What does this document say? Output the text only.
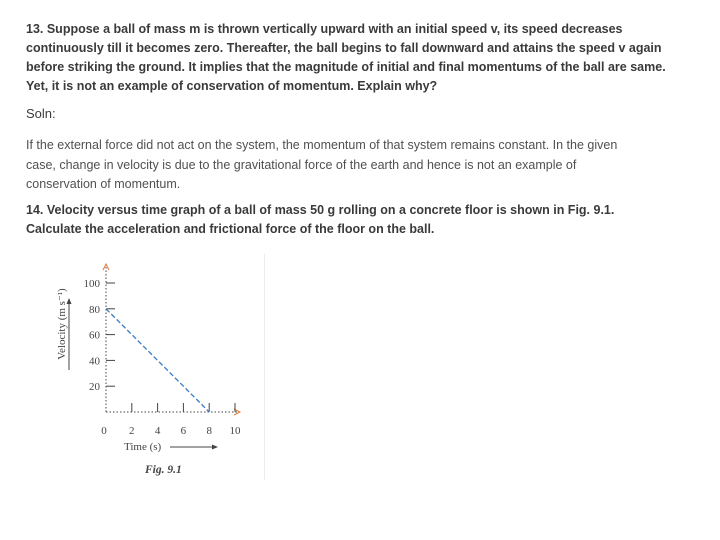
13. Suppose a ball of mass m is thrown vertically upward with an initial speed v, its speed decreases continuously till it becomes zero. Thereafter, the ball begins to fall downward and attains the speed v again before striking the ground. It implies that the magnitude of initial and final momentums of the ball are same. Yet, it is not an example of conservation of momentum. Explain why?
Soln:
If the external force did not act on the system, the momentum of that system remains constant. In the given case, change in velocity is due to the gravitational force of the earth and hence is not an example of conservation of momentum.
14. Velocity versus time graph of a ball of mass 50 g rolling on a concrete floor is shown in Fig. 9.1. Calculate the acceleration and frictional force of the floor on the ball.
20
40
60
80
100
2 4 6 8 10
0
Velocity (m s⁻¹)
Time (s)
Fig. 9.1
